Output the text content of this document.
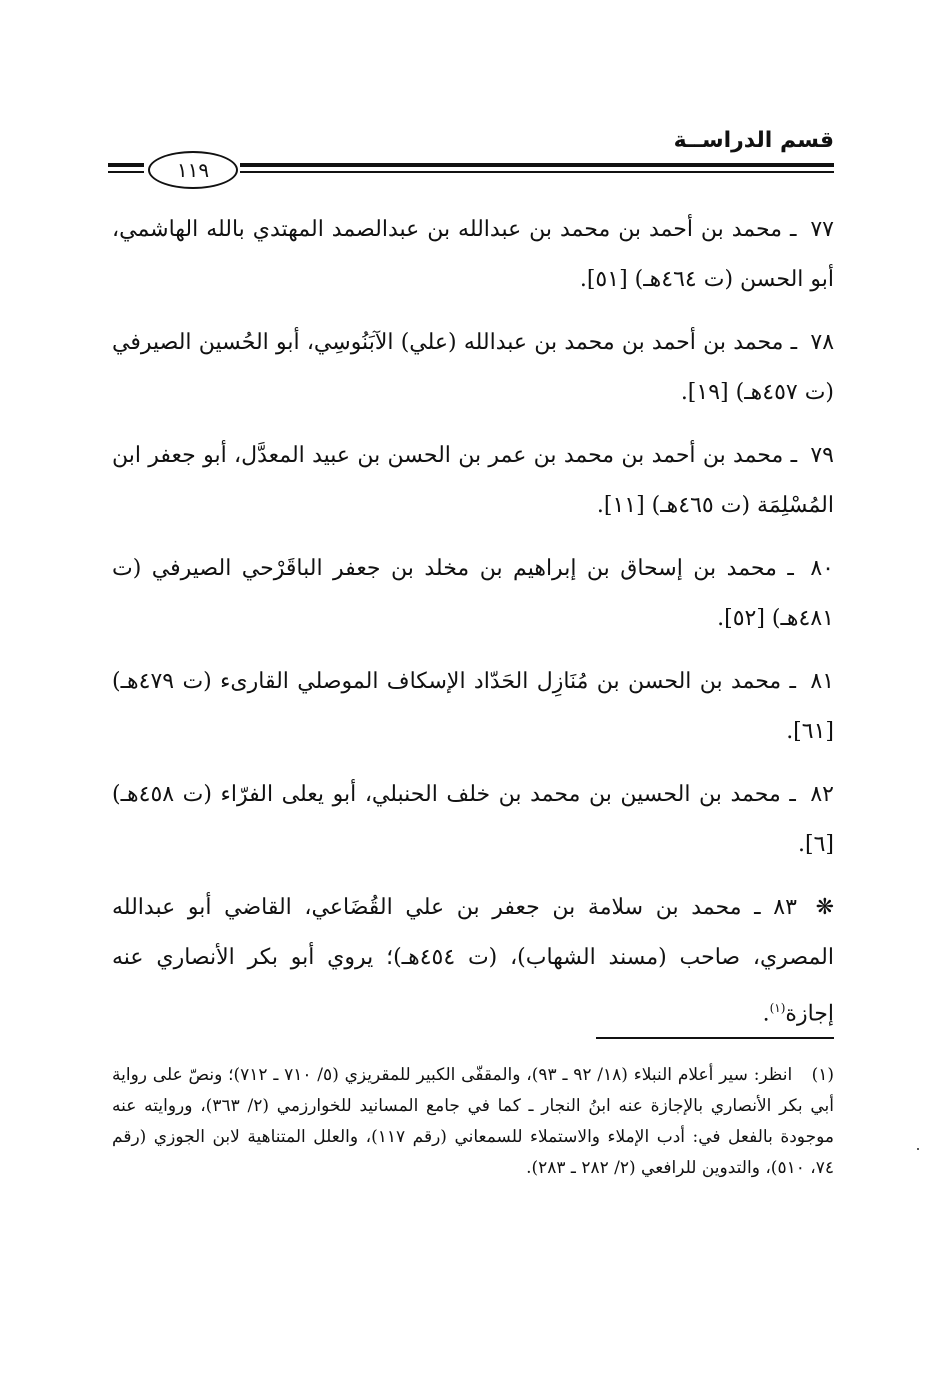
قسم الدراســة
١١٩

٧٧ ـ محمد بن أحمد بن محمد بن عبدالله بن عبدالصمد المهتدي بالله الهاشمي، أبو الحسن (ت ٤٦٤هـ) [٥١].

٧٨ ـ محمد بن أحمد بن محمد بن عبدالله (علي) الآبَنُوسِي، أبو الحُسين الصيرفي (ت ٤٥٧هـ) [١٩].

٧٩ ـ محمد بن أحمد بن محمد بن عمر بن الحسن بن عبيد المعدَّل، أبو جعفر ابن المُسْلِمَة (ت ٤٦٥هـ) [١١].

٨٠ ـ محمد بن إسحاق بن إبراهيم بن مخلد بن جعفر الباقَرْحي الصيرفي (ت ٤٨١هـ) [٥٢].

٨١ ـ محمد بن الحسن بن مُنَازِل الحَدّاد الإسكاف الموصلي القارىء (ت ٤٧٩هـ) [٦١].

٨٢ ـ محمد بن الحسين بن محمد بن خلف الحنبلي، أبو يعلى الفرّاء (ت ٤٥٨هـ) [٦].

❋ ٨٣ ـ محمد بن سلامة بن جعفر بن علي القُضَاعي، القاضي أبو عبدالله المصري، صاحب (مسند الشهاب)، (ت ٤٥٤هـ)؛ يروي أبو بكر الأنصاري عنه إجازة$^{(١)}$.

(١) انظر: سير أعلام النبلاء (١٨/ ٩٢ ـ ٩٣)، والمقفّى الكبير للمقريزي (٥/ ٧١٠ ـ ٧١٢)؛ ونصّ على رواية أبي بكر الأنصاري بالإجازة عنه ابنُ النجار ـ كما في جامع المسانيد للخوارزمي (٢/ ٣٦٣)، وروايته عنه موجودة بالفعل في: أدب الإملاء والاستملاء للسمعاني (رقم ١١٧)، والعلل المتناهية لابن الجوزي (رقم ٧٤، ٥١٠)، والتدوين للرافعي (٢/ ٢٨٢ ـ ٢٨٣).
